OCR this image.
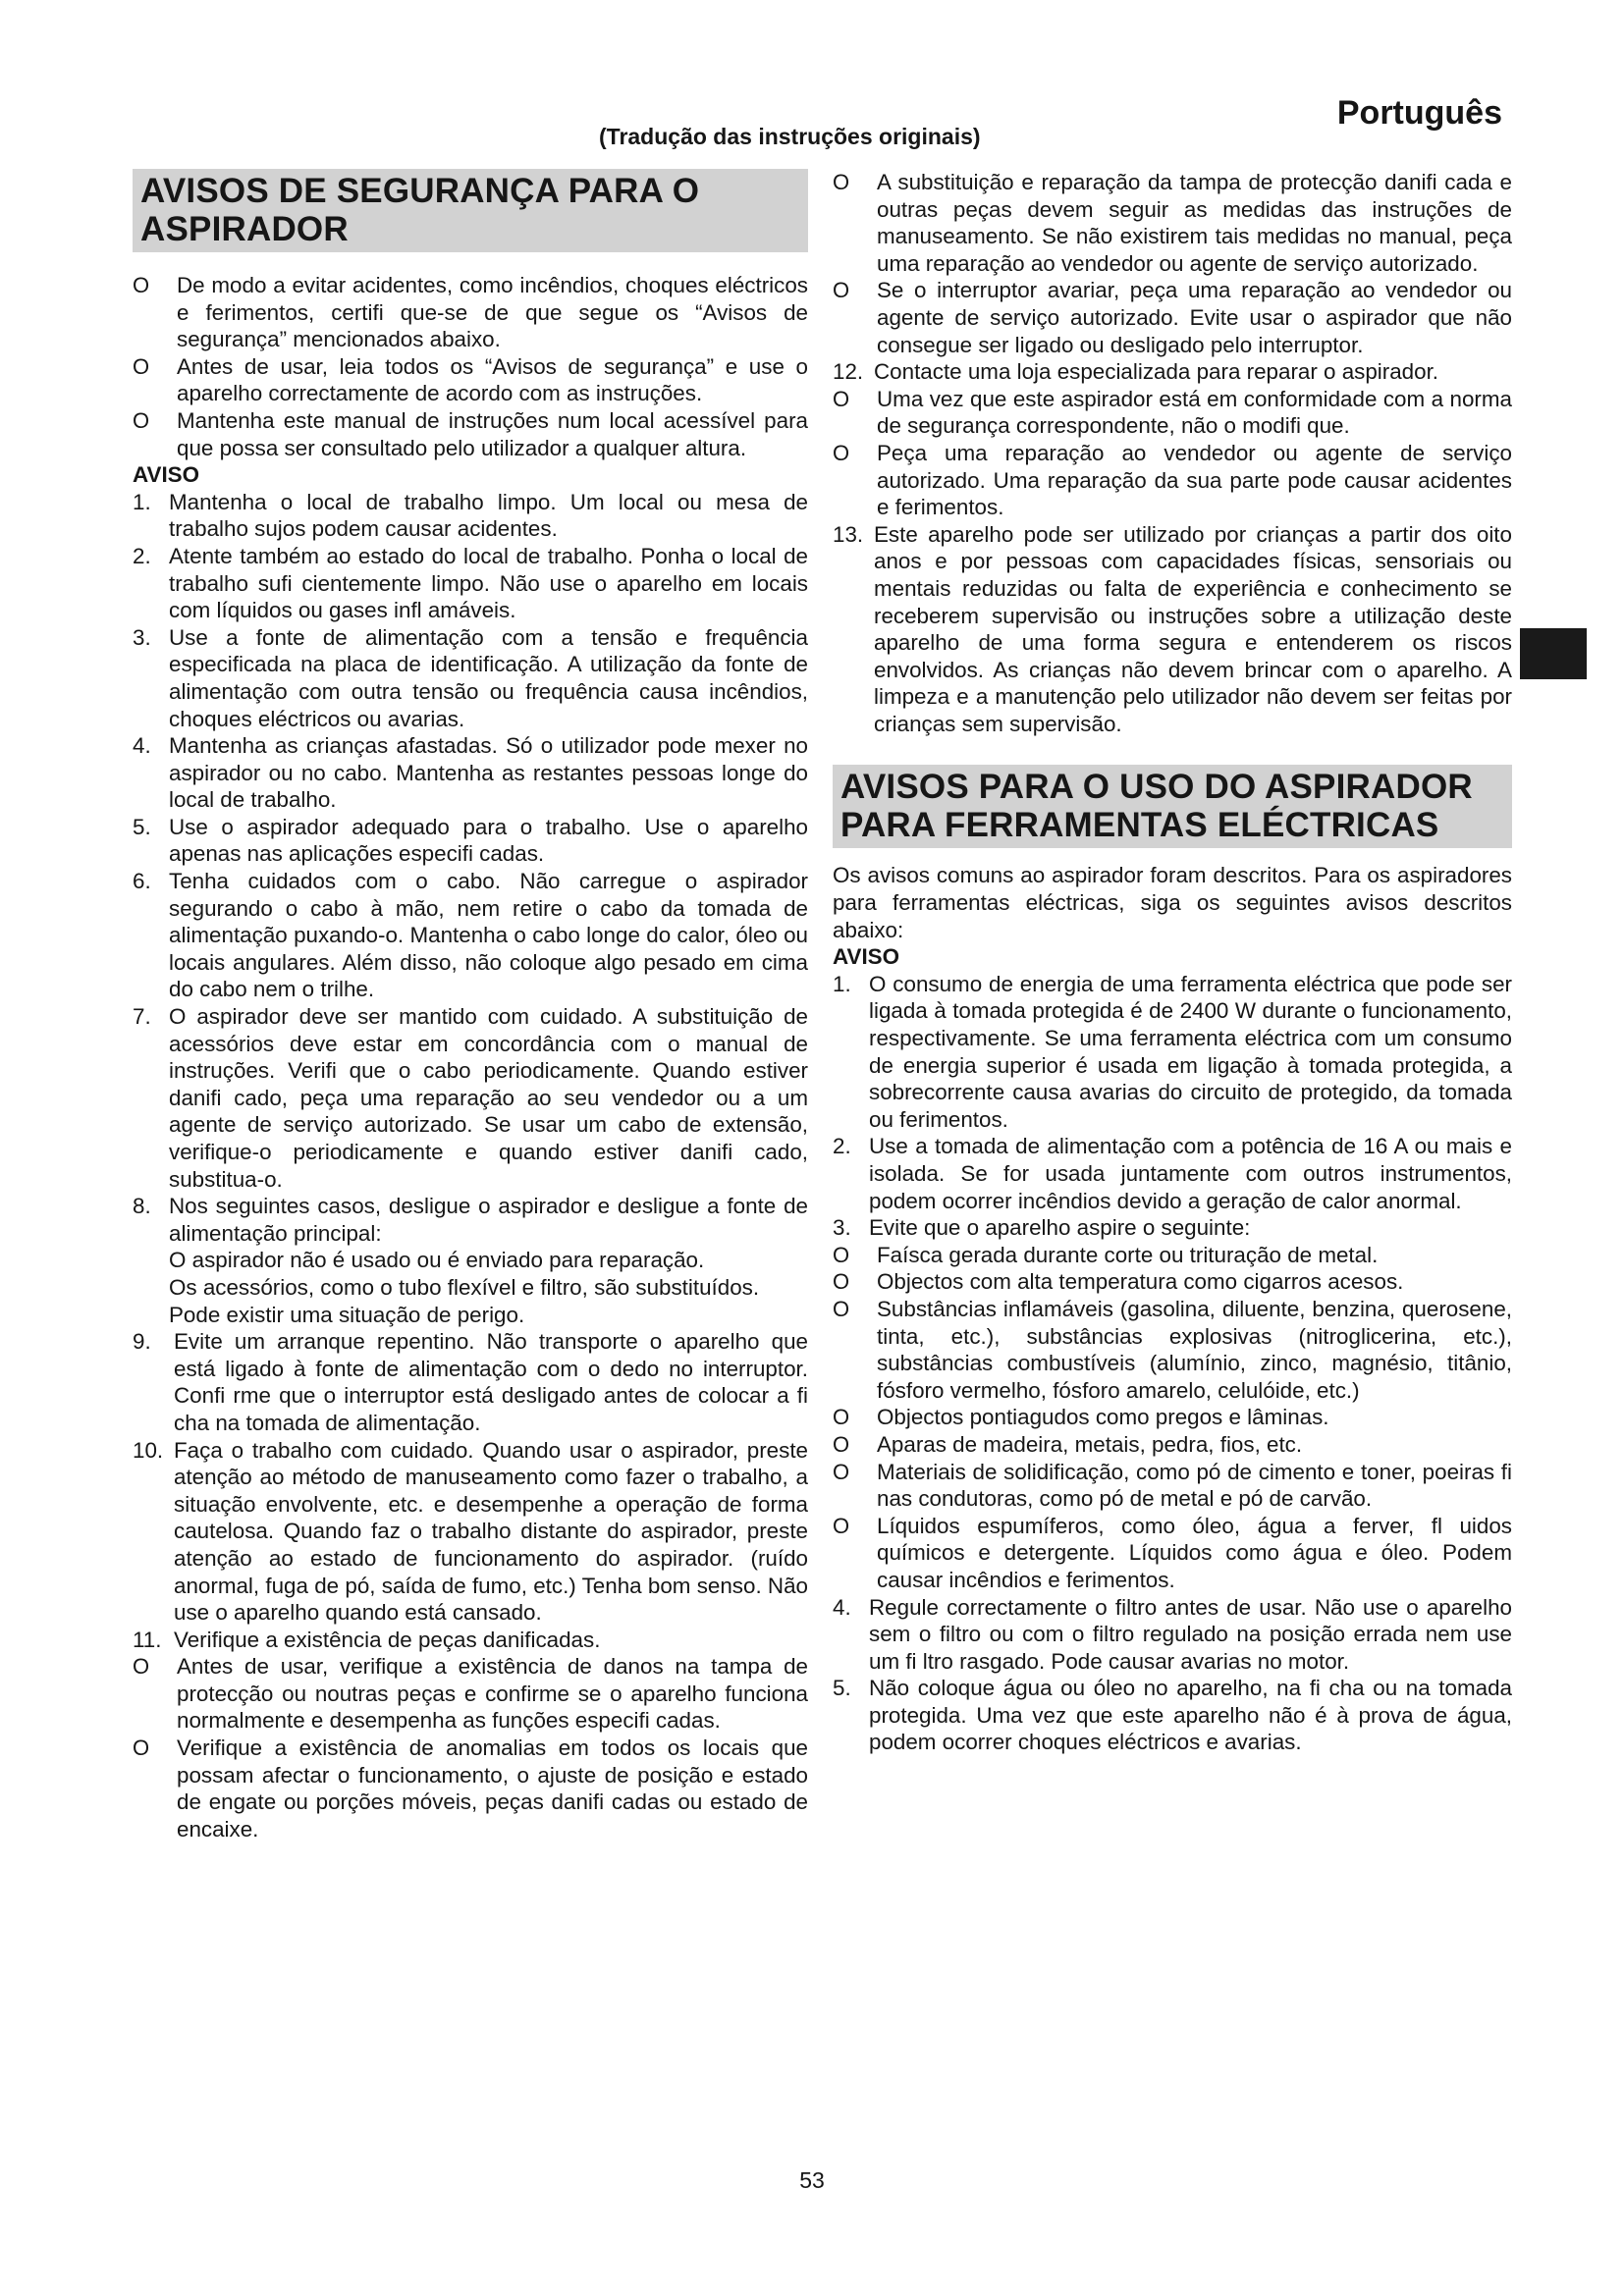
Português
(Tradução das instruções originais)
AVISOS DE SEGURANÇA PARA O ASPIRADOR
O De modo a evitar acidentes, como incêndios, choques eléctricos e ferimentos, certifi que-se de que segue os “Avisos de segurança” mencionados abaixo.
O Antes de usar, leia todos os “Avisos de segurança” e use o aparelho correctamente de acordo com as instruções.
O Mantenha este manual de instruções num local acessível para que possa ser consultado pelo utilizador a qualquer altura.
AVISO
1. Mantenha o local de trabalho limpo. Um local ou mesa de trabalho sujos podem causar acidentes.
2. Atente também ao estado do local de trabalho. Ponha o local de trabalho sufi cientemente limpo. Não use o aparelho em locais com líquidos ou gases infl amáveis.
3. Use a fonte de alimentação com a tensão e frequência especificada na placa de identificação. A utilização da fonte de alimentação com outra tensão ou frequência causa incêndios, choques eléctricos ou avarias.
4. Mantenha as crianças afastadas. Só o utilizador pode mexer no aspirador ou no cabo. Mantenha as restantes pessoas longe do local de trabalho.
5. Use o aspirador adequado para o trabalho. Use o aparelho apenas nas aplicações especifi cadas.
6. Tenha cuidados com o cabo. Não carregue o aspirador segurando o cabo à mão, nem retire o cabo da tomada de alimentação puxando-o. Mantenha o cabo longe do calor, óleo ou locais angulares. Além disso, não coloque algo pesado em cima do cabo nem o trilhe.
7. O aspirador deve ser mantido com cuidado. A substituição de acessórios deve estar em concordância com o manual de instruções. Verifi que o cabo periodicamente. Quando estiver danifi cado, peça uma reparação ao seu vendedor ou a um agente de serviço autorizado. Se usar um cabo de extensão, verifique-o periodicamente e quando estiver danifi cado, substitua-o.
8. Nos seguintes casos, desligue o aspirador e desligue a fonte de alimentação principal:
O aspirador não é usado ou é enviado para reparação.
Os acessórios, como o tubo flexível e filtro, são substituídos.
Pode existir uma situação de perigo.
9. Evite um arranque repentino. Não transporte o aparelho que está ligado à fonte de alimentação com o dedo no interruptor. Confi rme que o interruptor está desligado antes de colocar a fi cha na tomada de alimentação.
10. Faça o trabalho com cuidado. Quando usar o aspirador, preste atenção ao método de manuseamento como fazer o trabalho, a situação envolvente, etc. e desempenhe a operação de forma cautelosa. Quando faz o trabalho distante do aspirador, preste atenção ao estado de funcionamento do aspirador. (ruído anormal, fuga de pó, saída de fumo, etc.) Tenha bom senso. Não use o aparelho quando está cansado.
11. Verifique a existência de peças danificadas.
O Antes de usar, verifique a existência de danos na tampa de protecção ou noutras peças e confirme se o aparelho funciona normalmente e desempenha as funções especifi cadas.
O Verifique a existência de anomalias em todos os locais que possam afectar o funcionamento, o ajuste de posição e estado de engate ou porções móveis, peças danifi cadas ou estado de encaixe.
O A substituição e reparação da tampa de protecção danifi cada e outras peças devem seguir as medidas das instruções de manuseamento. Se não existirem tais medidas no manual, peça uma reparação ao vendedor ou agente de serviço autorizado.
O Se o interruptor avariar, peça uma reparação ao vendedor ou agente de serviço autorizado. Evite usar o aspirador que não consegue ser ligado ou desligado pelo interruptor.
12. Contacte uma loja especializada para reparar o aspirador.
O Uma vez que este aspirador está em conformidade com a norma de segurança correspondente, não o modifi que.
O Peça uma reparação ao vendedor ou agente de serviço autorizado. Uma reparação da sua parte pode causar acidentes e ferimentos.
13. Este aparelho pode ser utilizado por crianças a partir dos oito anos e por pessoas com capacidades físicas, sensoriais ou mentais reduzidas ou falta de experiência e conhecimento se receberem supervisão ou instruções sobre a utilização deste aparelho de uma forma segura e entenderem os riscos envolvidos. As crianças não devem brincar com o aparelho. A limpeza e a manutenção pelo utilizador não devem ser feitas por crianças sem supervisão.
AVISOS PARA O USO DO ASPIRADOR PARA FERRAMENTAS ELÉCTRICAS
Os avisos comuns ao aspirador foram descritos. Para os aspiradores para ferramentas eléctricas, siga os seguintes avisos descritos abaixo:
AVISO
1. O consumo de energia de uma ferramenta eléctrica que pode ser ligada à tomada protegida é de 2400 W durante o funcionamento, respectivamente. Se uma ferramenta eléctrica com um consumo de energia superior é usada em ligação à tomada protegida, a sobrecorrente causa avarias do circuito de protegido, da tomada ou ferimentos.
2. Use a tomada de alimentação com a potência de 16 A ou mais e isolada. Se for usada juntamente com outros instrumentos, podem ocorrer incêndios devido a geração de calor anormal.
3. Evite que o aparelho aspire o seguinte:
O Faísca gerada durante corte ou trituração de metal.
O Objectos com alta temperatura como cigarros acesos.
O Substâncias inflamáveis (gasolina, diluente, benzina, querosene, tinta, etc.), substâncias explosivas (nitroglicerina, etc.), substâncias combustíveis (alumínio, zinco, magnésio, titânio, fósforo vermelho, fósforo amarelo, celulóide, etc.)
O Objectos pontiagudos como pregos e lâminas.
O Aparas de madeira, metais, pedra, fios, etc.
O Materiais de solidificação, como pó de cimento e toner, poeiras fi nas condutoras, como pó de metal e pó de carvão.
O Líquidos espumíferos, como óleo, água a ferver, fl uidos químicos e detergente. Líquidos como água e óleo. Podem causar incêndios e ferimentos.
4. Regule correctamente o filtro antes de usar. Não use o aparelho sem o filtro ou com o filtro regulado na posição errada nem use um fi ltro rasgado. Pode causar avarias no motor.
5. Não coloque água ou óleo no aparelho, na fi cha ou na tomada protegida. Uma vez que este aparelho não é à prova de água, podem ocorrer choques eléctricos e avarias.
53
